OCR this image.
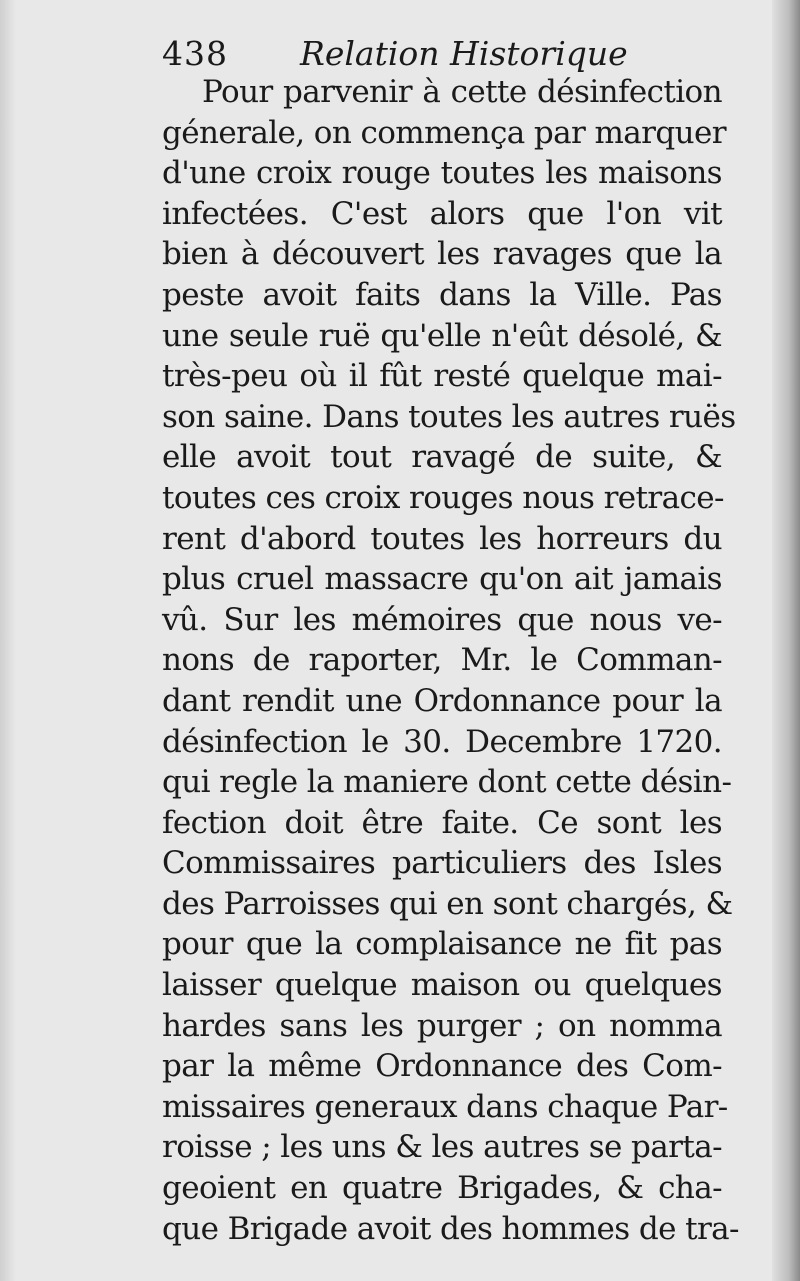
438 Relation Historique
Pour parvenir à cette désinfection
génerale, on commença par marquer
d'une croix rouge toutes les maisons
infectées. C'est alors que l'on vit
bien à découvert les ravages que la
peste avoit faits dans la Ville. Pas
une seule ruë qu'elle n'eût désolé, &
très-peu où il fût resté quelque mai-
son saine. Dans toutes les autres ruës
elle avoit tout ravagé de suite, &
toutes ces croix rouges nous retrace-
rent d'abord toutes les horreurs du
plus cruel massacre qu'on ait jamais
vû. Sur les mémoires que nous ve-
nons de raporter, Mr. le Comman-
dant rendit une Ordonnance pour la
désinfection le 30. Decembre 1720.
qui regle la maniere dont cette désin-
fection doit être faite. Ce sont les
Commissaires particuliers des Isles
des Parroisses qui en sont chargés, &
pour que la complaisance ne fit pas
laisser quelque maison ou quelques
hardes sans les purger ; on nomma
par la même Ordonnance des Com-
missaires generaux dans chaque Par-
roisse ; les uns & les autres se parta-
geoient en quatre Brigades, & cha-
que Brigade avoit des hommes de tra-
